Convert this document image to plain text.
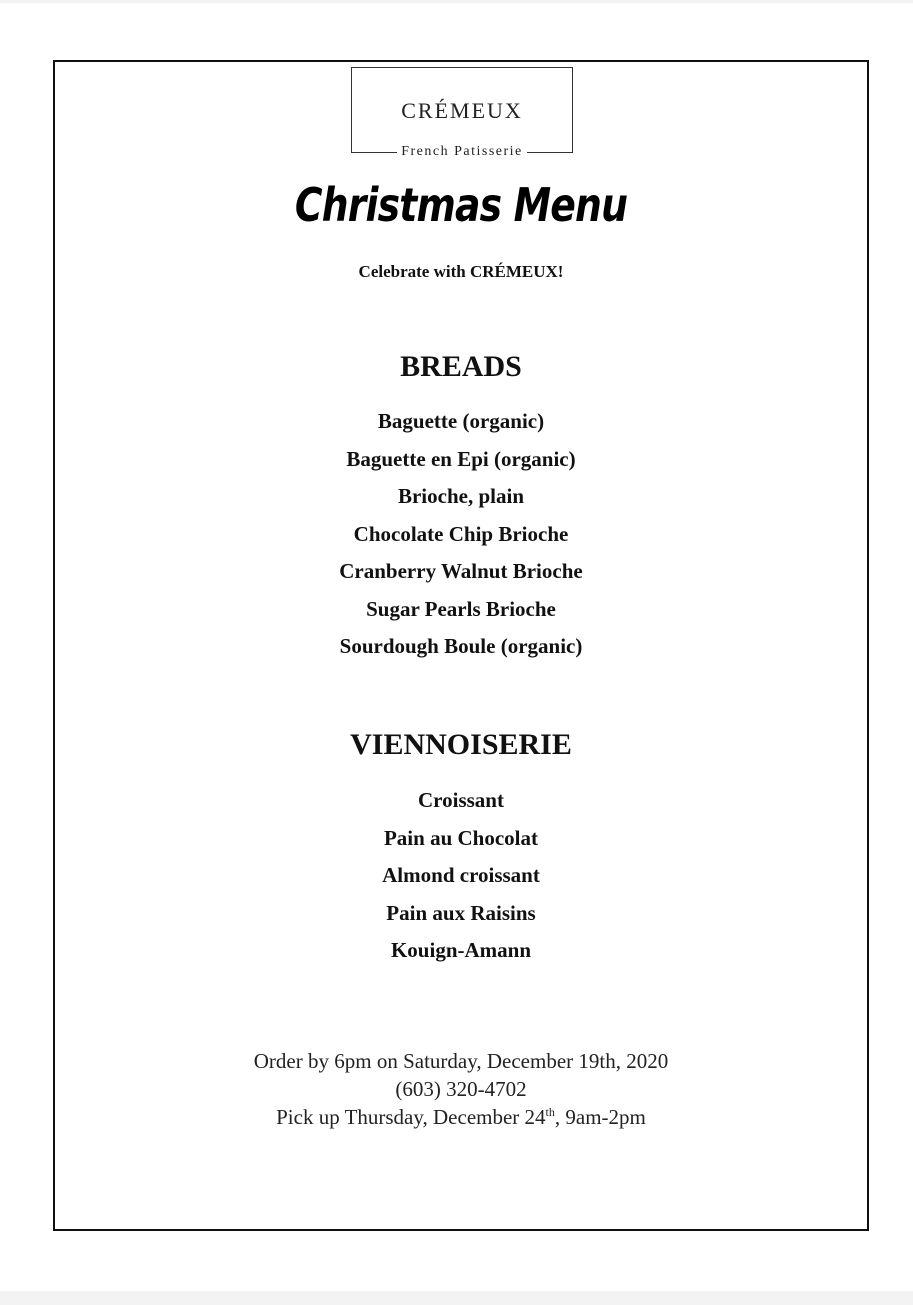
CRÉMEUX
French Patisserie
Christmas Menu
Celebrate with CRÉMEUX!
BREADS
Baguette (organic)
Baguette en Epi (organic)
Brioche, plain
Chocolate Chip Brioche
Cranberry Walnut Brioche
Sugar Pearls Brioche
Sourdough Boule (organic)
VIENNOISERIE
Croissant
Pain au Chocolat
Almond croissant
Pain aux Raisins
Kouign-Amann
Order by 6pm on Saturday, December 19th, 2020
(603) 320-4702
Pick up Thursday, December 24th, 9am-2pm
